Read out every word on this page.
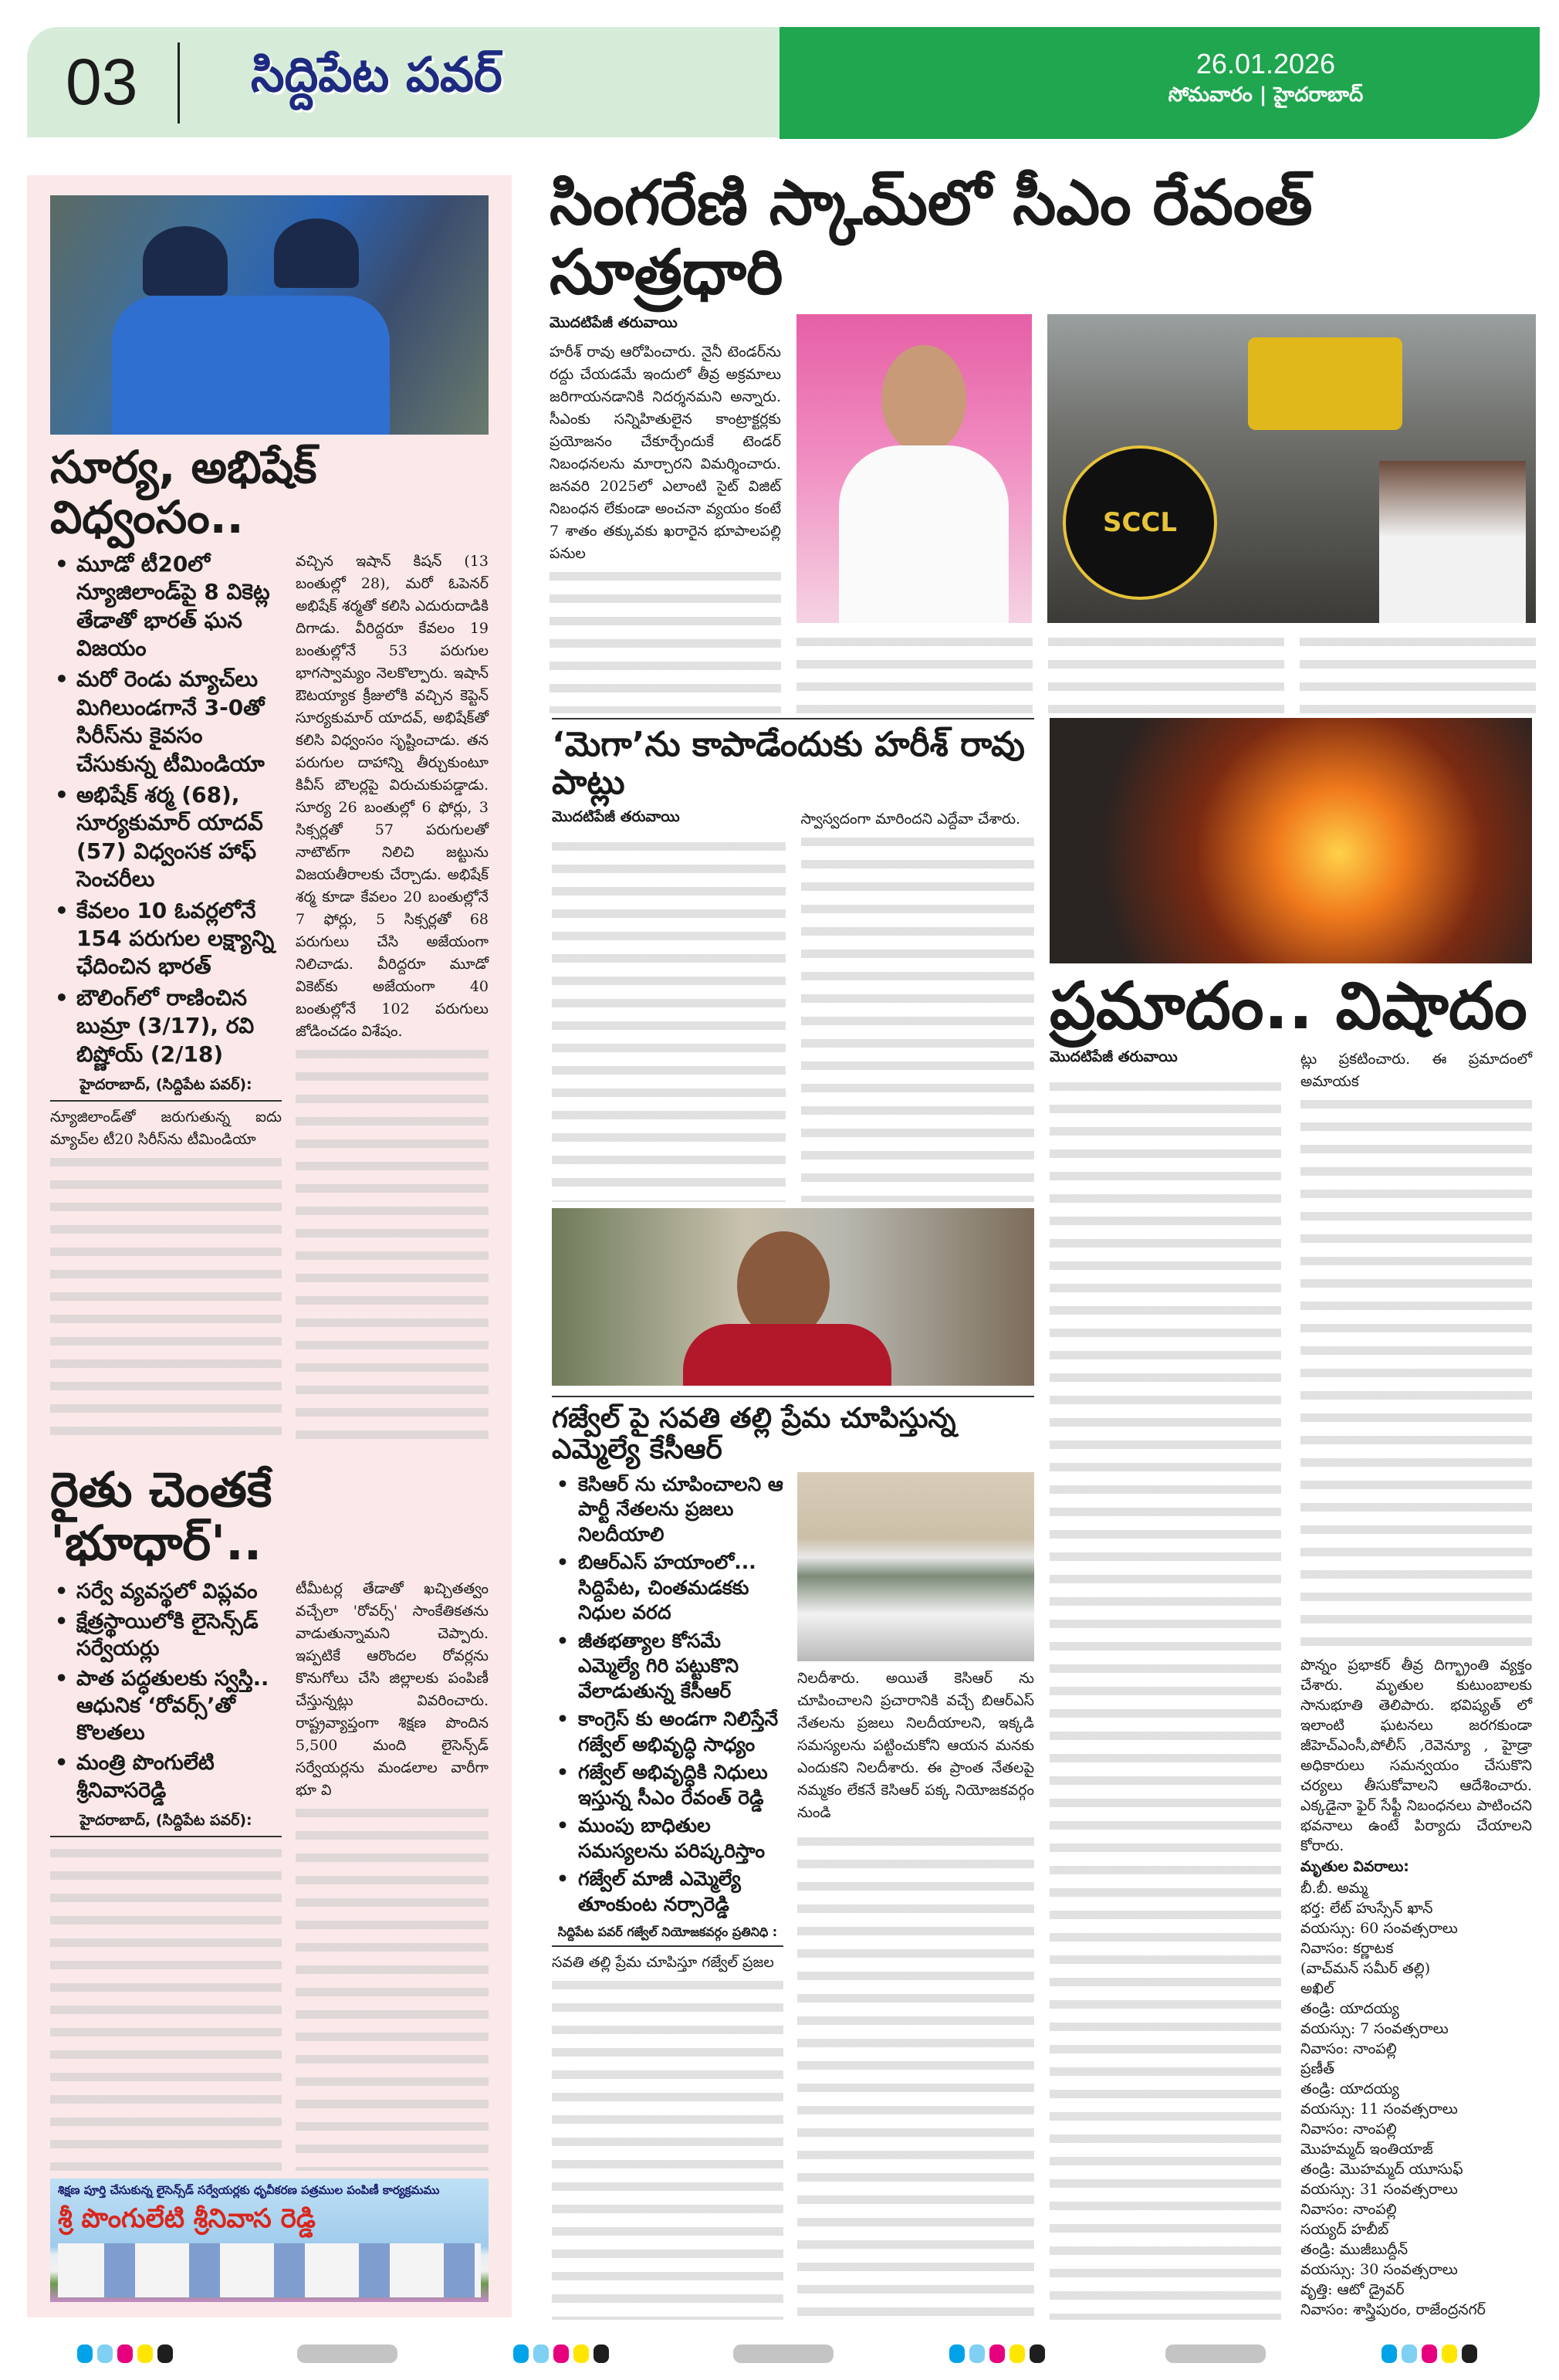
03 సిద్దిపేట పవర్	26.01.2026
సోమవారం | హైదరాబాద్
సూర్య, అభిషేక్ విధ్వంసం..
• మూడో టీ20లో న్యూజిలాండ్‌పై 8 వికెట్ల తేడాతో భారత్ ఘన విజయం
• మరో రెండు మ్యాచ్‌లు మిగిలుండగానే 3-0తో సిరీస్‌ను కైవసం చేసుకున్న టీమిండియా
• అభిషేక్ శర్మ (68), సూర్యకుమార్ యాదవ్ (57) విధ్వంసక హాఫ్ సెంచరీలు
• కేవలం 10 ఓవర్లలోనే 154 పరుగుల లక్ష్యాన్ని ఛేదించిన భారత్
• బౌలింగ్‌లో రాణించిన బుమ్రా (3/17), రవి బిష్ణోయ్ (2/18)
హైదరాబాద్, (సిద్దిపేట పవర్):

న్యూజిలాండ్‌తో జరుగుతున్న ఐదు మ్యాచ్‌ల టీ20 సిరీస్‌ను టీమిండియా

వచ్చిన ఇషాన్ కిషన్ (13 బంతుల్లో 28), మరో ఓపెనర్ అభిషేక్ శర్మతో కలిసి ఎదురుదాడికి దిగాడు. వీరిద్దరూ కేవలం 19 బంతుల్లోనే 53 పరుగుల భాగస్వామ్యం నెలకొల్పారు. ఇషాన్ ఔటయ్యాక క్రీజులోకి వచ్చిన కెప్టెన్ సూర్యకుమార్ యాదవ్, అభిషేక్‌తో కలిసి విధ్వంసం సృష్టించాడు. తన పరుగుల దాహాన్ని తీర్చుకుంటూ కివీస్ బౌలర్లపై విరుచుకుపడ్డాడు. సూర్య 26 బంతుల్లో 6 ఫోర్లు, 3 సిక్సర్లతో 57 పరుగులతో నాటౌట్‌గా నిలిచి జట్టును విజయతీరాలకు చేర్చాడు. అభిషేక్ శర్మ కూడా కేవలం 20 బంతుల్లోనే 7 ఫోర్లు, 5 సిక్సర్లతో 68 పరుగులు చేసి అజేయంగా నిలిచాడు. వీరిద్దరూ మూడో వికెట్‌కు అజేయంగా 40 బంతుల్లోనే 102 పరుగులు జోడించడం విశేషం.

రైతు చెంతకే 'భూధార్'..
• సర్వే వ్యవస్థలో విప్లవం
• క్షేత్రస్థాయిలోకి లైసెన్స్‌డ్ సర్వేయర్లు
• పాత పద్ధతులకు స్వస్తి.. ఆధునిక ‘రోవర్స్’తో కొలతలు
• మంత్రి పొంగులేటి శ్రీనివాసరెడ్డి
హైదరాబాద్, (సిద్దిపేట పవర్):

టీమీటర్ల తేడాతో ఖచ్చితత్వం వచ్చేలా 'రోవర్స్' సాంకేతికతను వాడుతున్నామని చెప్పారు. ఇప్పటికే ఆరొందల రోవర్లను కొనుగోలు చేసి జిల్లాలకు పంపిణీ చేస్తున్నట్లు వివరించారు. రాష్ట్రవ్యాప్తంగా శిక్షణ పొందిన 5,500 మంది లైసెన్స్‌డ్ సర్వేయర్లను మండలాల వారీగా భూ వి

శిక్షణ పూర్తి చేసుకున్న లైసెన్స్‌డ్ సర్వేయర్లకు ధృవీకరణ పత్రముల పంపిణీ కార్యక్రమము
శ్రీ పొంగులేటి శ్రీనివాస రెడ్డి
సింగరేణి స్కామ్‌లో సీఎం రేవంత్ సూత్రధారి
మొదటిపేజీ తరువాయి

హరీశ్ రావు ఆరోపించారు. నైనీ టెండర్‌ను రద్దు చేయడమే ఇందులో తీవ్ర అక్రమాలు జరిగాయనడానికి నిదర్శనమని అన్నారు. సీఎంకు సన్నిహితులైన కాంట్రాక్టర్లకు ప్రయోజనం చేకూర్చేందుకే టెండర్ నిబంధనలను మార్చారని విమర్శించారు. జనవరి 2025లో ఎలాంటి సైట్ విజిట్ నిబంధన లేకుండా అంచనా వ్యయం కంటే 7 శాతం తక్కువకు ఖరారైన భూపాలపల్లి పనుల

SCCL
‘మెగా’ను కాపాడేందుకు హరీశ్ రావు పాట్లు
మొదటిపేజీ తరువాయి	స్వాస్వదంగా మారిందని ఎద్దేవా చేశారు.

ప్రమాదం.. విషాదం
మొదటిపేజీ తరువాయి	ట్లు ప్రకటించారు. ఈ ప్రమాదంలో అమాయక

పొన్నం ప్రభాకర్ తీవ్ర దిగ్భ్రాంతి వ్యక్తం చేశారు. మృతుల కుటుంబాలకు సానుభూతి తెలిపారు. భవిష్యత్ లో ఇలాంటి ఘటనలు జరగకుండా జీహెచ్ఎంసీ,పోలీస్ ,రెవెన్యూ , హైడ్రా అధికారులు సమన్వయం చేసుకొని చర్యలు తీసుకోవాలని ఆదేశించారు. ఎక్కడైనా ఫైర్ సేఫ్టీ నిబంధనలు పాటించని భవనాలు ఉంటే పిర్యాదు చేయాలని కోరారు.

మృతుల వివరాలు:
బీ.బీ. అమ్మ
భర్త: లేట్ హుస్సేన్ ఖాన్
వయస్సు: 60 సంవత్సరాలు
నివాసం: కర్ణాటక
(వాచ్‌మన్ సమీర్ తల్లి)
అఖిల్
తండ్రి: యాదయ్య
వయస్సు: 7 సంవత్సరాలు
నివాసం: నాంపల్లి
ప్రణీత్
తండ్రి: యాదయ్య
వయస్సు: 11 సంవత్సరాలు
నివాసం: నాంపల్లి
మొహమ్మద్ ఇంతియాజ్
తండ్రి: మొహమ్మద్ యూసుఫ్
వయస్సు: 31 సంవత్సరాలు
నివాసం: నాంపల్లి
సయ్యద్ హబీబ్
తండ్రి: ముజీబుద్దీన్
వయస్సు: 30 సంవత్సరాలు
వృత్తి: ఆటో డ్రైవర్
నివాసం: శాస్త్రిపురం, రాజేంద్రనగర్
గజ్వేల్ పై సవతి తల్లి ప్రేమ చూపిస్తున్న ఎమ్మెల్యే కేసీఆర్
• కెసిఆర్ ను చూపించాలని ఆ పార్టీ నేతలను ప్రజలు నిలదీయాలి
• బిఆర్ఎస్ హయాంలో... సిద్దిపేట, చింతమడకకు నిధుల వరద
• జీతభత్యాల కోసమే ఎమ్మెల్యే గిరి పట్టుకొని వేలాడుతున్న కేసీఆర్
• కాంగ్రెస్ కు అండగా నిలిస్తేనే గజ్వేల్ అభివృద్ధి సాధ్యం
• గజ్వేల్ అభివృద్ధికి నిధులు ఇస్తున్న సీఎం రేవంత్ రెడ్డి
• ముంపు బాధితుల సమస్యలను పరిష్కరిస్తాం
• గజ్వేల్ మాజీ ఎమ్మెల్యే తూంకుంట నర్సారెడ్డి
సిద్దిపేట పవర్ గజ్వేల్ నియోజకవర్గం ప్రతినిధి :

సవతి తల్లి ప్రేమ చూపిస్తూ గజ్వేల్ ప్రజల

నిలదీశారు. అయితే కెసిఆర్ ను చూపించాలని ప్రచారానికి వచ్చే బిఆర్ఎస్ నేతలను ప్రజలు నిలదీయాలని, ఇక్కడి సమస్యలను పట్టించుకోని ఆయన మనకు ఎందుకని నిలదీశారు. ఈ ప్రాంత నేతలపై నమ్మకం లేకనే కెసిఆర్ పక్క నియోజకవర్గం నుండి
